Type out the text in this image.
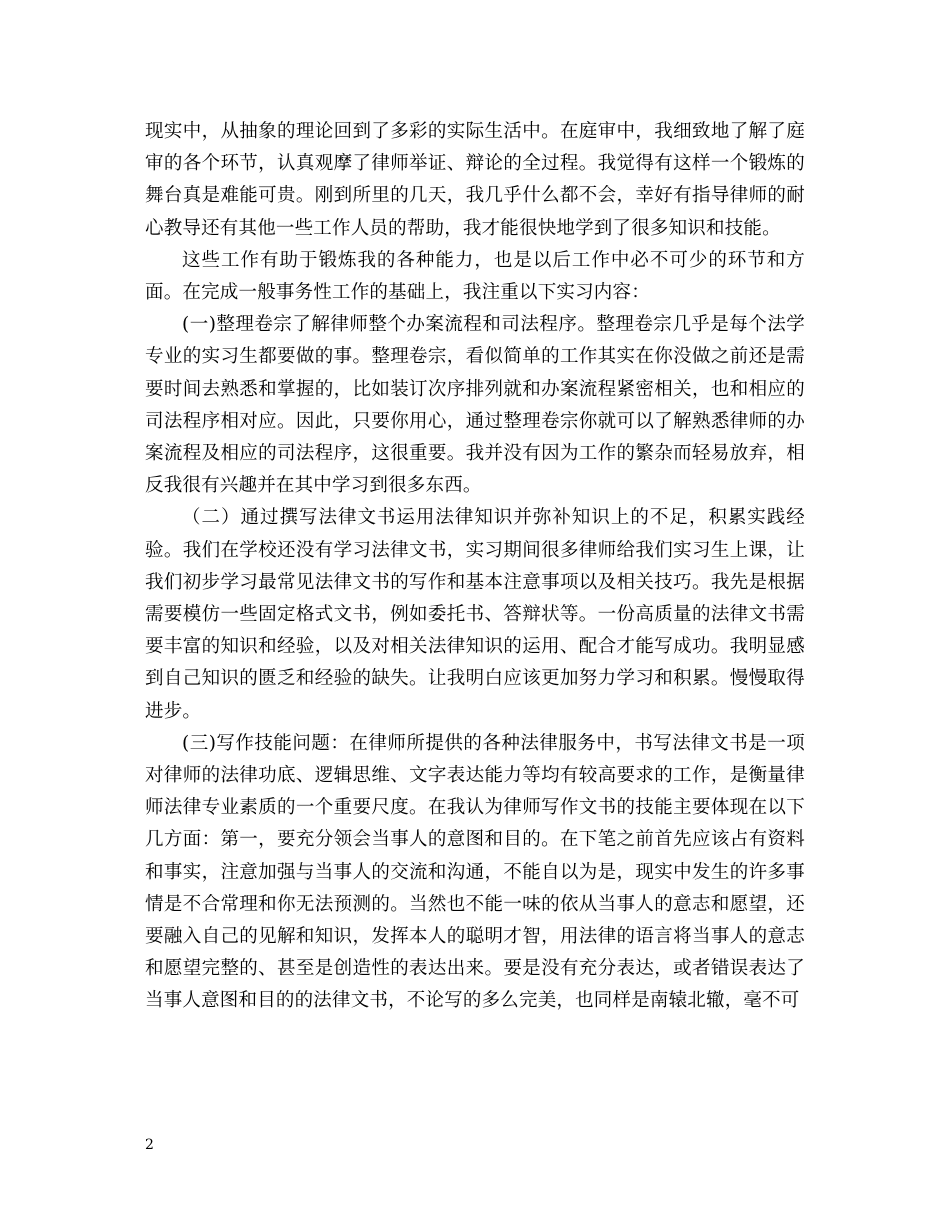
现实中，从抽象的理论回到了多彩的实际生活中。在庭审中，我细致地了解了庭审的各个环节，认真观摩了律师举证、辩论的全过程。我觉得有这样一个锻炼的舞台真是难能可贵。刚到所里的几天，我几乎什么都不会，幸好有指导律师的耐心教导还有其他一些工作人员的帮助，我才能很快地学到了很多知识和技能。

这些工作有助于锻炼我的各种能力，也是以后工作中必不可少的环节和方面。在完成一般事务性工作的基础上，我注重以下实习内容：

(一)整理卷宗了解律师整个办案流程和司法程序。整理卷宗几乎是每个法学专业的实习生都要做的事。整理卷宗，看似简单的工作其实在你没做之前还是需要时间去熟悉和掌握的，比如装订次序排列就和办案流程紧密相关，也和相应的司法程序相对应。因此，只要你用心，通过整理卷宗你就可以了解熟悉律师的办案流程及相应的司法程序，这很重要。我并没有因为工作的繁杂而轻易放弃，相反我很有兴趣并在其中学习到很多东西。

（二）通过撰写法律文书运用法律知识并弥补知识上的不足，积累实践经验。我们在学校还没有学习法律文书，实习期间很多律师给我们实习生上课，让我们初步学习最常见法律文书的写作和基本注意事项以及相关技巧。我先是根据需要模仿一些固定格式文书，例如委托书、答辩状等。一份高质量的法律文书需要丰富的知识和经验，以及对相关法律知识的运用、配合才能写成功。我明显感到自己知识的匮乏和经验的缺失。让我明白应该更加努力学习和积累。慢慢取得进步。

(三)写作技能问题：在律师所提供的各种法律服务中，书写法律文书是一项对律师的法律功底、逻辑思维、文字表达能力等均有较高要求的工作，是衡量律师法律专业素质的一个重要尺度。在我认为律师写作文书的技能主要体现在以下几方面：第一，要充分领会当事人的意图和目的。在下笔之前首先应该占有资料和事实，注意加强与当事人的交流和沟通，不能自以为是，现实中发生的许多事情是不合常理和你无法预测的。当然也不能一味的依从当事人的意志和愿望，还要融入自己的见解和知识，发挥本人的聪明才智，用法律的语言将当事人的意志和愿望完整的、甚至是创造性的表达出来。要是没有充分表达，或者错误表达了当事人意图和目的的法律文书，不论写的多么完美，也同样是南辕北辙，毫不可

2
